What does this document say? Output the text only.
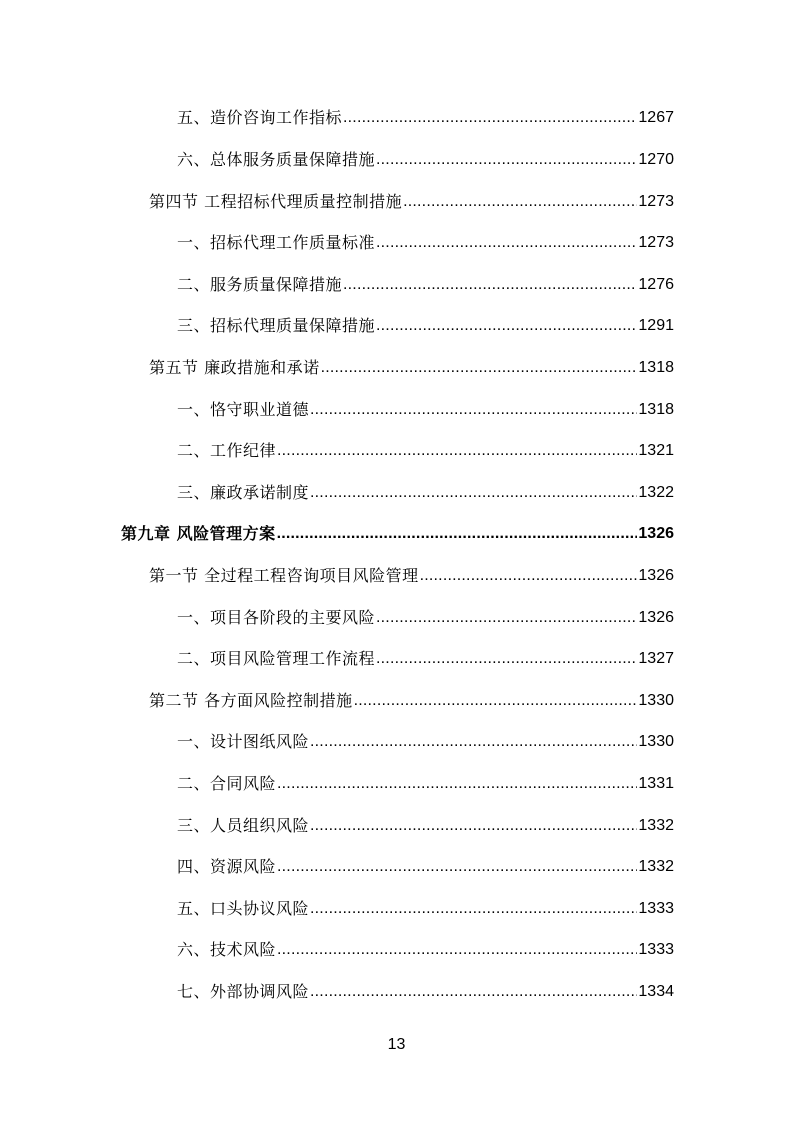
五、造价咨询工作指标 .....	1267
六、总体服务质量保障措施 .....	1270
第四节 工程招标代理质量控制措施 .....	1273
一、招标代理工作质量标准 .....	1273
二、服务质量保障措施 .....	1276
三、招标代理质量保障措施 .....	1291
第五节 廉政措施和承诺 .....	1318
一、恪守职业道德 .....	1318
二、工作纪律 .....	1321
三、廉政承诺制度 .....	1322
第九章 风险管理方案 .....	1326
第一节 全过程工程咨询项目风险管理 .....	1326
一、项目各阶段的主要风险 .....	1326
二、项目风险管理工作流程 .....	1327
第二节 各方面风险控制措施 .....	1330
一、设计图纸风险 .....	1330
二、合同风险 .....	1331
三、人员组织风险 .....	1332
四、资源风险 .....	1332
五、口头协议风险 .....	1333
六、技术风险 .....	1333
七、外部协调风险 .....	1334
13
